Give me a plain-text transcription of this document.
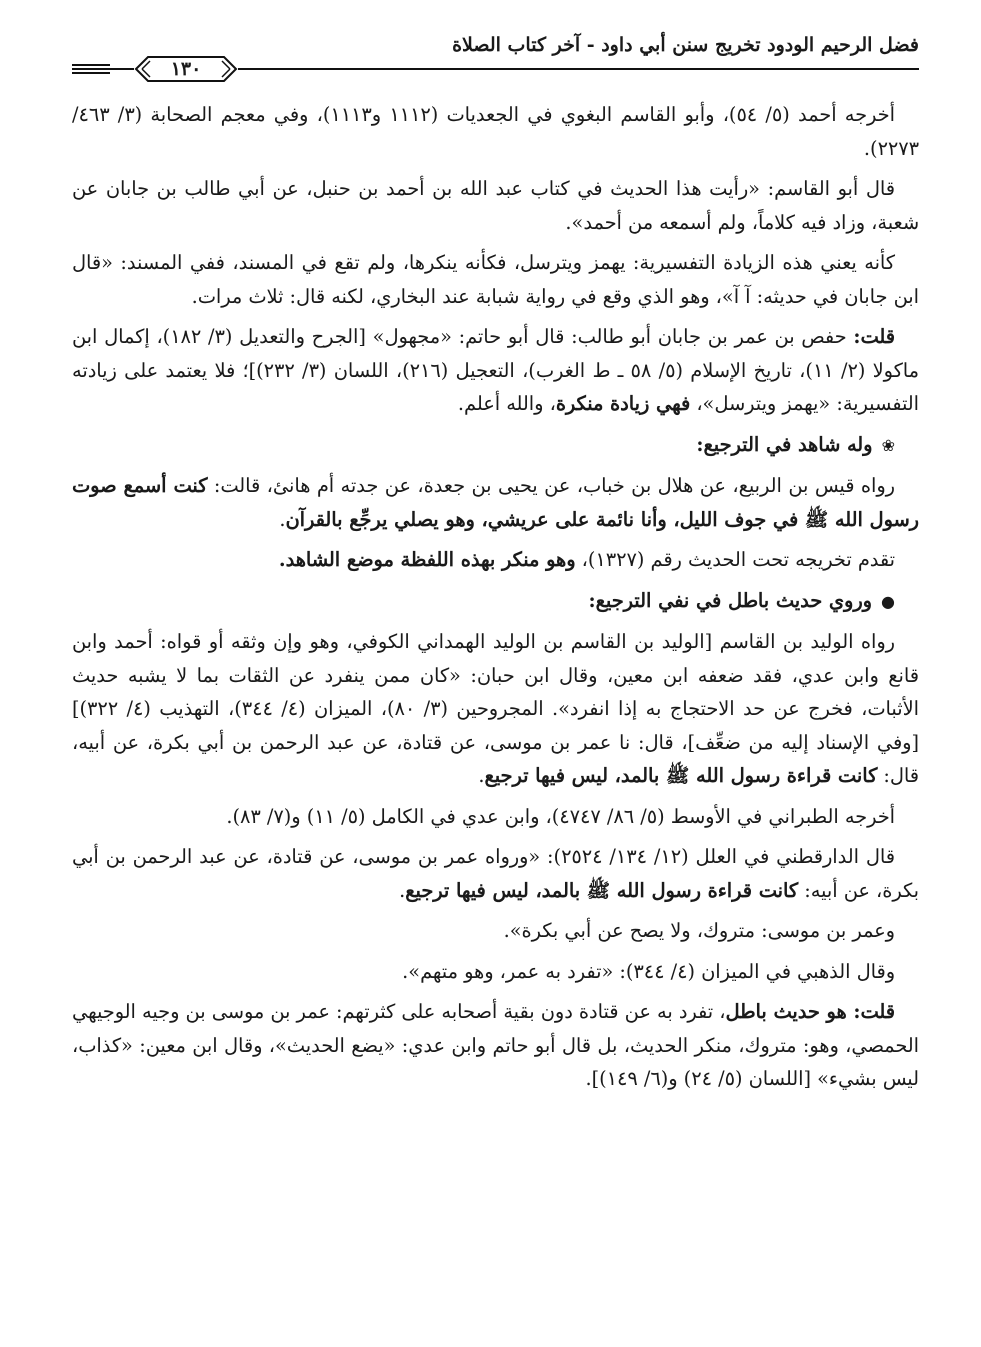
فضل الرحيم الودود تخريج سنن أبي داود - آخر كتاب الصلاة
١٣٠

أخرجه أحمد (٥/ ٥٤)، وأبو القاسم البغوي في الجعديات (١١١٢ و١١١٣)، وفي معجم الصحابة (٣/ ٤٦٣/ ٢٢٧٣).

قال أبو القاسم: «رأيت هذا الحديث في كتاب عبد الله بن أحمد بن حنبل، عن أبي طالب بن جابان عن شعبة، وزاد فيه كلاماً، ولم أسمعه من أحمد».

كأنه يعني هذه الزيادة التفسيرية: يهمز ويترسل، فكأنه ينكرها، ولم تقع في المسند، ففي المسند: «قال ابن جابان في حديثه: آ آ»، وهو الذي وقع في رواية شبابة عند البخاري، لكنه قال: ثلاث مرات.

قلت: حفص بن عمر بن جابان أبو طالب: قال أبو حاتم: «مجهول» [الجرح والتعديل (٣/ ١٨٢)، إكمال ابن ماكولا (٢/ ١١)، تاريخ الإسلام (٥/ ٥٨ ـ ط الغرب)، التعجيل (٢١٦)، اللسان (٣/ ٢٣٢)]؛ فلا يعتمد على زيادته التفسيرية: «يهمز ويترسل»، فهي زيادة منكرة، والله أعلم.

❀ وله شاهد في الترجيع:

رواه قيس بن الربيع، عن هلال بن خباب، عن يحيى بن جعدة، عن جدته أم هانئ، قالت: كنت أسمع صوت رسول الله ﷺ في جوف الليل، وأنا نائمة على عريشي، وهو يصلي يرجِّع بالقرآن.

تقدم تخريجه تحت الحديث رقم (١٣٢٧)، وهو منكر بهذه اللفظة موضع الشاهد.

● وروي حديث باطل في نفي الترجيع:

رواه الوليد بن القاسم [الوليد بن القاسم بن الوليد الهمداني الكوفي، وهو وإن وثقه أو قواه: أحمد وابن قانع وابن عدي، فقد ضعفه ابن معين، وقال ابن حبان: «كان ممن ينفرد عن الثقات بما لا يشبه حديث الأثبات، فخرج عن حد الاحتجاج به إذا انفرد». المجروحين (٣/ ٨٠)، الميزان (٤/ ٣٤٤)، التهذيب (٤/ ٣٢٢)] [وفي الإسناد إليه من ضعِّف]، قال: نا عمر بن موسى، عن قتادة، عن عبد الرحمن بن أبي بكرة، عن أبيه، قال: كانت قراءة رسول الله ﷺ بالمد، ليس فيها ترجيع.

أخرجه الطبراني في الأوسط (٥/ ٨٦/ ٤٧٤٧)، وابن عدي في الكامل (٥/ ١١) و(٧/ ٨٣).

قال الدارقطني في العلل (١٢/ ١٣٤/ ٢٥٢٤): «ورواه عمر بن موسى، عن قتادة، عن عبد الرحمن بن أبي بكرة، عن أبيه: كانت قراءة رسول الله ﷺ بالمد، ليس فيها ترجيع.

وعمر بن موسى: متروك، ولا يصح عن أبي بكرة».

وقال الذهبي في الميزان (٤/ ٣٤٤): «تفرد به عمر، وهو متهم».

قلت: هو حديث باطل، تفرد به عن قتادة دون بقية أصحابه على كثرتهم: عمر بن موسى بن وجيه الوجيهي الحمصي، وهو: متروك، منكر الحديث، بل قال أبو حاتم وابن عدي: «يضع الحديث»، وقال ابن معين: «كذاب، ليس بشيء» [اللسان (٥/ ٢٤) و(٦/ ١٤٩)].
